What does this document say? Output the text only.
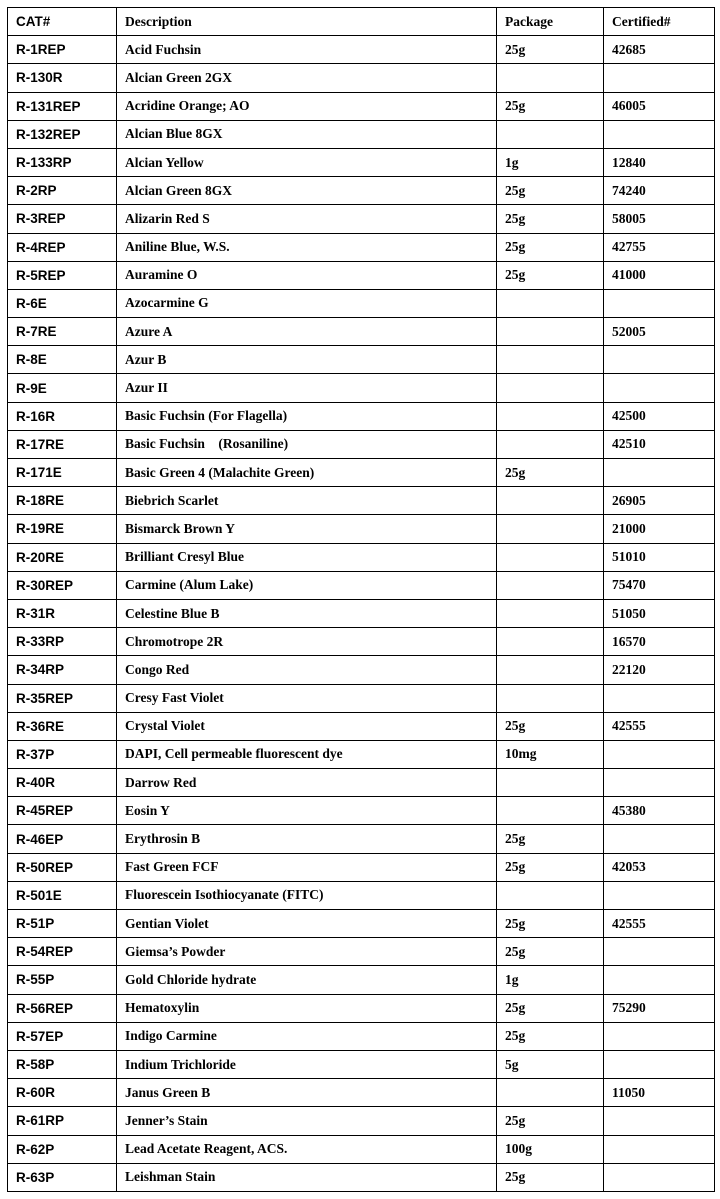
CAT#	Description	Package	Certified#
R-1REP	Acid Fuchsin	25g	42685
R-130R	Alcian Green 2GX		
R-131REP	Acridine Orange; AO	25g	46005
R-132REP	Alcian Blue 8GX		
R-133RP	Alcian Yellow	1g	12840
R-2RP	Alcian Green 8GX	25g	74240
R-3REP	Alizarin Red S	25g	58005
R-4REP	Aniline Blue, W.S.	25g	42755
R-5REP	Auramine O	25g	41000
R-6E	Azocarmine G		
R-7RE	Azure A		52005
R-8E	Azur B		
R-9E	Azur II		
R-16R	Basic Fuchsin (For Flagella)		42500
R-17RE	Basic Fuchsin    (Rosaniline)		42510
R-171E	Basic Green 4 (Malachite Green)	25g	
R-18RE	Biebrich Scarlet		26905
R-19RE	Bismarck Brown Y		21000
R-20RE	Brilliant Cresyl Blue		51010
R-30REP	Carmine (Alum Lake)		75470
R-31R	Celestine Blue B		51050
R-33RP	Chromotrope 2R		16570
R-34RP	Congo Red		22120
R-35REP	Cresy Fast Violet		
R-36RE	Crystal Violet	25g	42555
R-37P	DAPI, Cell permeable fluorescent dye	10mg	
R-40R	Darrow Red		
R-45REP	Eosin Y		45380
R-46EP	Erythrosin B	25g	
R-50REP	Fast Green FCF	25g	42053
R-501E	Fluorescein Isothiocyanate (FITC)		
R-51P	Gentian Violet	25g	42555
R-54REP	Giemsa’s Powder	25g	
R-55P	Gold Chloride hydrate	1g	
R-56REP	Hematoxylin	25g	75290
R-57EP	Indigo Carmine	25g	
R-58P	Indium Trichloride	5g	
R-60R	Janus Green B		11050
R-61RP	Jenner’s Stain	25g	
R-62P	Lead Acetate Reagent, ACS.	100g	
R-63P	Leishman Stain	25g	
